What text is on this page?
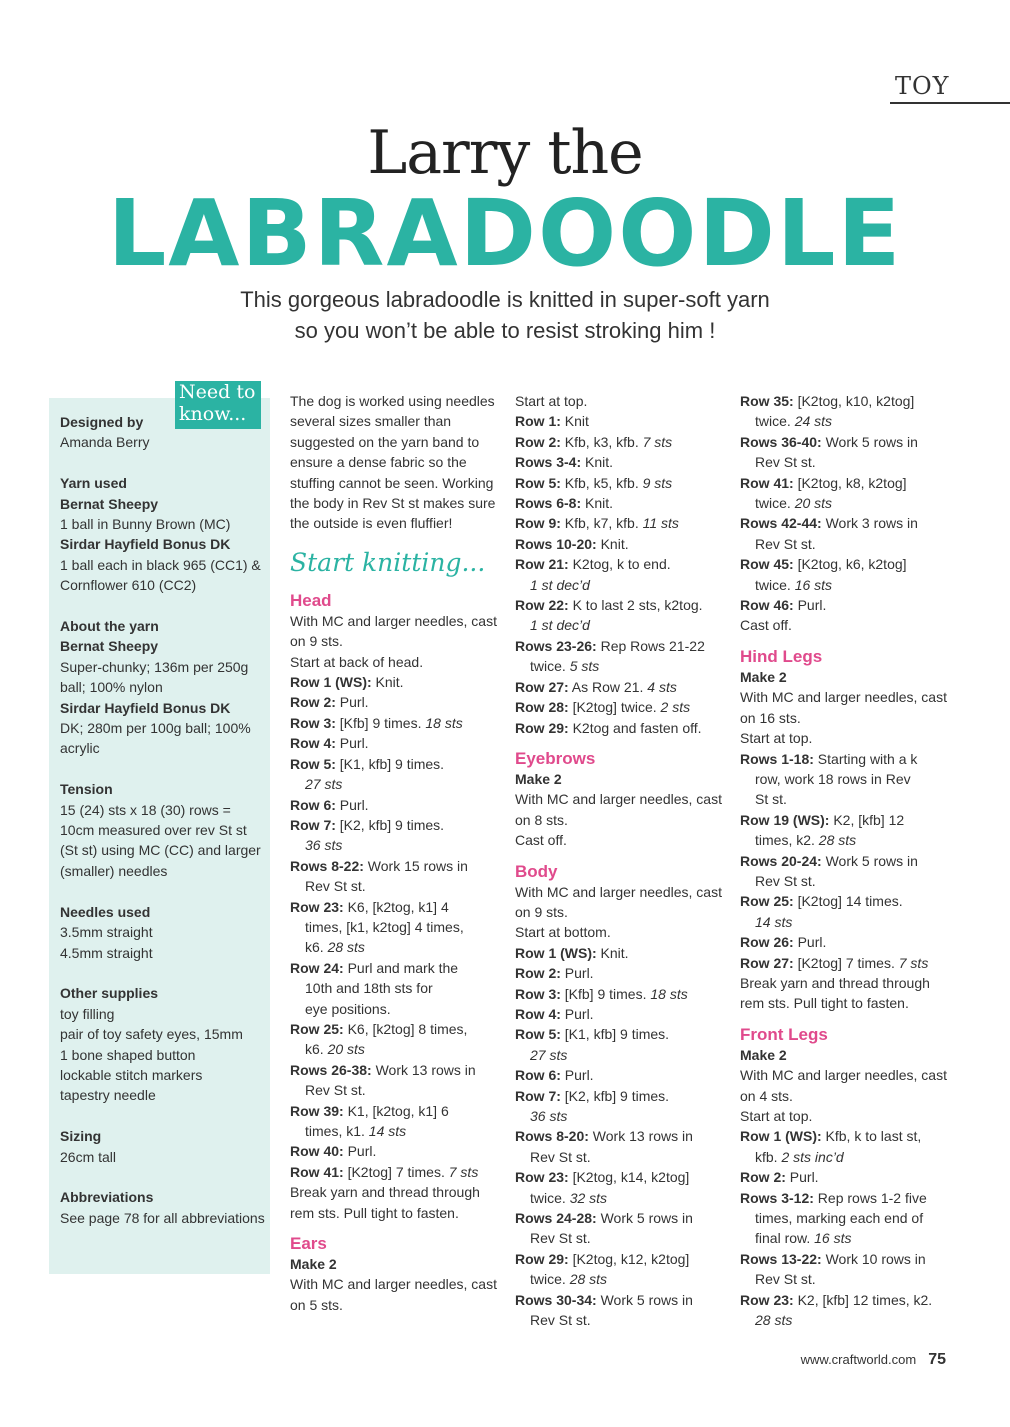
TOY
Larry the
LABRADOODLE
This gorgeous labradoodle is knitted in super-soft yarn
so you won’t be able to resist stroking him !
Need to know...
Designed by
Amanda Berry
Yarn used
Bernat Sheepy
1 ball in Bunny Brown (MC)
Sirdar Hayfield Bonus DK
1 ball each in black 965 (CC1) & Cornflower 610 (CC2)
About the yarn
Bernat Sheepy
Super-chunky; 136m per 250g ball; 100% nylon
Sirdar Hayfield Bonus DK
DK; 280m per 100g ball; 100% acrylic
Tension
15 (24) sts x 18 (30) rows = 10cm measured over rev St st (St st) using MC (CC) and larger (smaller) needles
Needles used
3.5mm straight
4.5mm straight
Other supplies
toy filling
pair of toy safety eyes, 15mm
1 bone shaped button
lockable stitch markers
tapestry needle
Sizing
26cm tall
Abbreviations
See page 78 for all abbreviations

The dog is worked using needles several sizes smaller than suggested on the yarn band to ensure a dense fabric so the stuffing cannot be seen. Working the body in Rev St st makes sure the outside is even fluffier!

Start knitting...

Head

With MC and larger needles, cast on 9 sts.

Start at back of head.

Row 1 (WS): Knit.

Row 2: Purl.

Row 3: [Kfb] 9 times. 18 sts

Row 4: Purl.

Row 5: [K1, kfb] 9 times.

27 sts

Row 6: Purl.

Row 7: [K2, kfb] 9 times.

36 sts

Rows 8-22: Work 15 rows in

Rev St st.

Row 23: K6, [k2tog, k1] 4

times, [k1, k2tog] 4 times,

k6. 28 sts

Row 24: Purl and mark the

10th and 18th sts for

eye positions.

Row 25: K6, [k2tog] 8 times,

k6. 20 sts

Rows 26-38: Work 13 rows in

Rev St st.

Row 39: K1, [k2tog, k1] 6

times, k1. 14 sts

Row 40: Purl.

Row 41: [K2tog] 7 times. 7 sts

Break yarn and thread through rem sts. Pull tight to fasten.

Ears

Make 2

With MC and larger needles, cast on 5 sts.

Start at top.

Row 1: Knit

Row 2: Kfb, k3, kfb. 7 sts

Rows 3-4: Knit.

Row 5: Kfb, k5, kfb. 9 sts

Rows 6-8: Knit.

Row 9: Kfb, k7, kfb. 11 sts

Rows 10-20: Knit.

Row 21: K2tog, k to end.

1 st dec’d

Row 22: K to last 2 sts, k2tog.

1 st dec’d

Rows 23-26: Rep Rows 21-22

twice. 5 sts

Row 27: As Row 21. 4 sts

Row 28: [K2tog] twice. 2 sts

Row 29: K2tog and fasten off.

Eyebrows

Make 2

With MC and larger needles, cast on 8 sts.

Cast off.

Body

With MC and larger needles, cast on 9 sts.

Start at bottom.

Row 1 (WS): Knit.

Row 2: Purl.

Row 3: [Kfb] 9 times. 18 sts

Row 4: Purl.

Row 5: [K1, kfb] 9 times.

27 sts

Row 6: Purl.

Row 7: [K2, kfb] 9 times.

36 sts

Rows 8-20: Work 13 rows in

Rev St st.

Row 23: [K2tog, k14, k2tog]

twice. 32 sts

Rows 24-28: Work 5 rows in

Rev St st.

Row 29: [K2tog, k12, k2tog]

twice. 28 sts

Rows 30-34: Work 5 rows in

Rev St st.

Row 35: [K2tog, k10, k2tog]

twice. 24 sts

Rows 36-40: Work 5 rows in

Rev St st.

Row 41: [K2tog, k8, k2tog]

twice. 20 sts

Rows 42-44: Work 3 rows in

Rev St st.

Row 45: [K2tog, k6, k2tog]

twice. 16 sts

Row 46: Purl.

Cast off.

Hind Legs

Make 2

With MC and larger needles, cast on 16 sts.

Start at top.

Rows 1-18: Starting with a k

row, work 18 rows in Rev

St st.

Row 19 (WS): K2, [kfb] 12

times, k2. 28 sts

Rows 20-24: Work 5 rows in

Rev St st.

Row 25: [K2tog] 14 times.

14 sts

Row 26: Purl.

Row 27: [K2tog] 7 times. 7 sts

Break yarn and thread through rem sts. Pull tight to fasten.

Front Legs

Make 2

With MC and larger needles, cast on 4 sts.

Start at top.

Row 1 (WS): Kfb, k to last st,

kfb. 2 sts inc’d

Row 2: Purl.

Rows 3-12: Rep rows 1-2 five

times, marking each end of

final row. 16 sts

Rows 13-22: Work 10 rows in

Rev St st.

Row 23: K2, [kfb] 12 times, k2.

28 sts

www.craftworld.com 75
